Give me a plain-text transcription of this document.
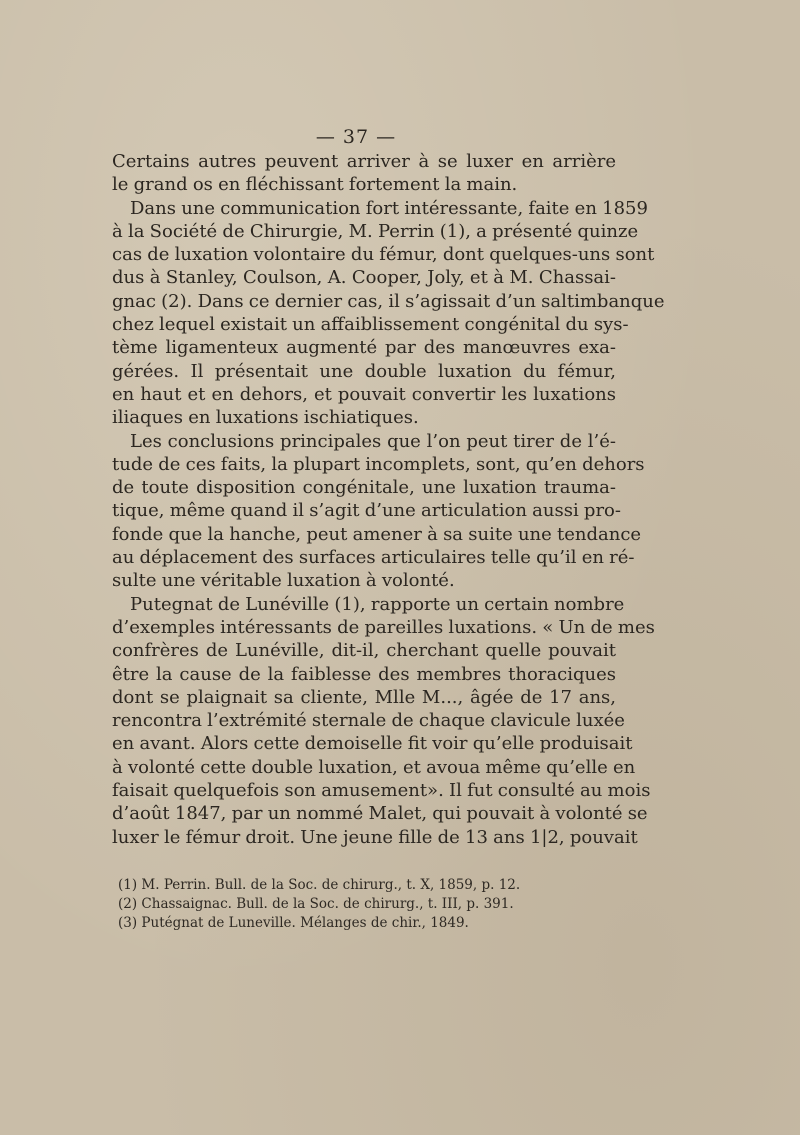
— 37 —
Certains autres peuvent arriver à se luxer en arrière
le grand os en fléchissant fortement la main.
Dans une communication fort intéressante, faite en 1859
à la Société de Chirurgie, M. Perrin (1), a présenté quinze
cas de luxation volontaire du fémur, dont quelques-uns sont
dus à Stanley, Coulson, A. Cooper, Joly, et à M. Chassai-
gnac (2). Dans ce dernier cas, il s’agissait d’un saltimbanque
chez lequel existait un affaiblissement congénital du sys-
tème ligamenteux augmenté par des manœuvres exa-
gérées. Il présentait une double luxation du fémur,
en haut et en dehors, et pouvait convertir les luxations
iliaques en luxations ischiatiques.
Les conclusions principales que l’on peut tirer de l’é-
tude de ces faits, la plupart incomplets, sont, qu’en dehors
de toute disposition congénitale, une luxation trauma-
tique, même quand il s’agit d’une articulation aussi pro-
fonde que la hanche, peut amener à sa suite une tendance
au déplacement des surfaces articulaires telle qu’il en ré-
sulte une véritable luxation à volonté.
Putegnat de Lunéville (1), rapporte un certain nombre
d’exemples intéressants de pareilles luxations. « Un de mes
confrères de Lunéville, dit-il, cherchant quelle pouvait
être la cause de la faiblesse des membres thoraciques
dont se plaignait sa cliente, Mlle M..., âgée de 17 ans,
rencontra l’extrémité sternale de chaque clavicule luxée
en avant. Alors cette demoiselle fit voir qu’elle produisait
à volonté cette double luxation, et avoua même qu’elle en
faisait quelquefois son amusement». Il fut consulté au mois
d’août 1847, par un nommé Malet, qui pouvait à volonté se
luxer le fémur droit. Une jeune fille de 13 ans 1|2, pouvait
(1) M. Perrin. Bull. de la Soc. de chirurg., t. X, 1859, p. 12.
(2) Chassaignac. Bull. de la Soc. de chirurg., t. III, p. 391.
(3) Putégnat de Luneville. Mélanges de chir., 1849.
